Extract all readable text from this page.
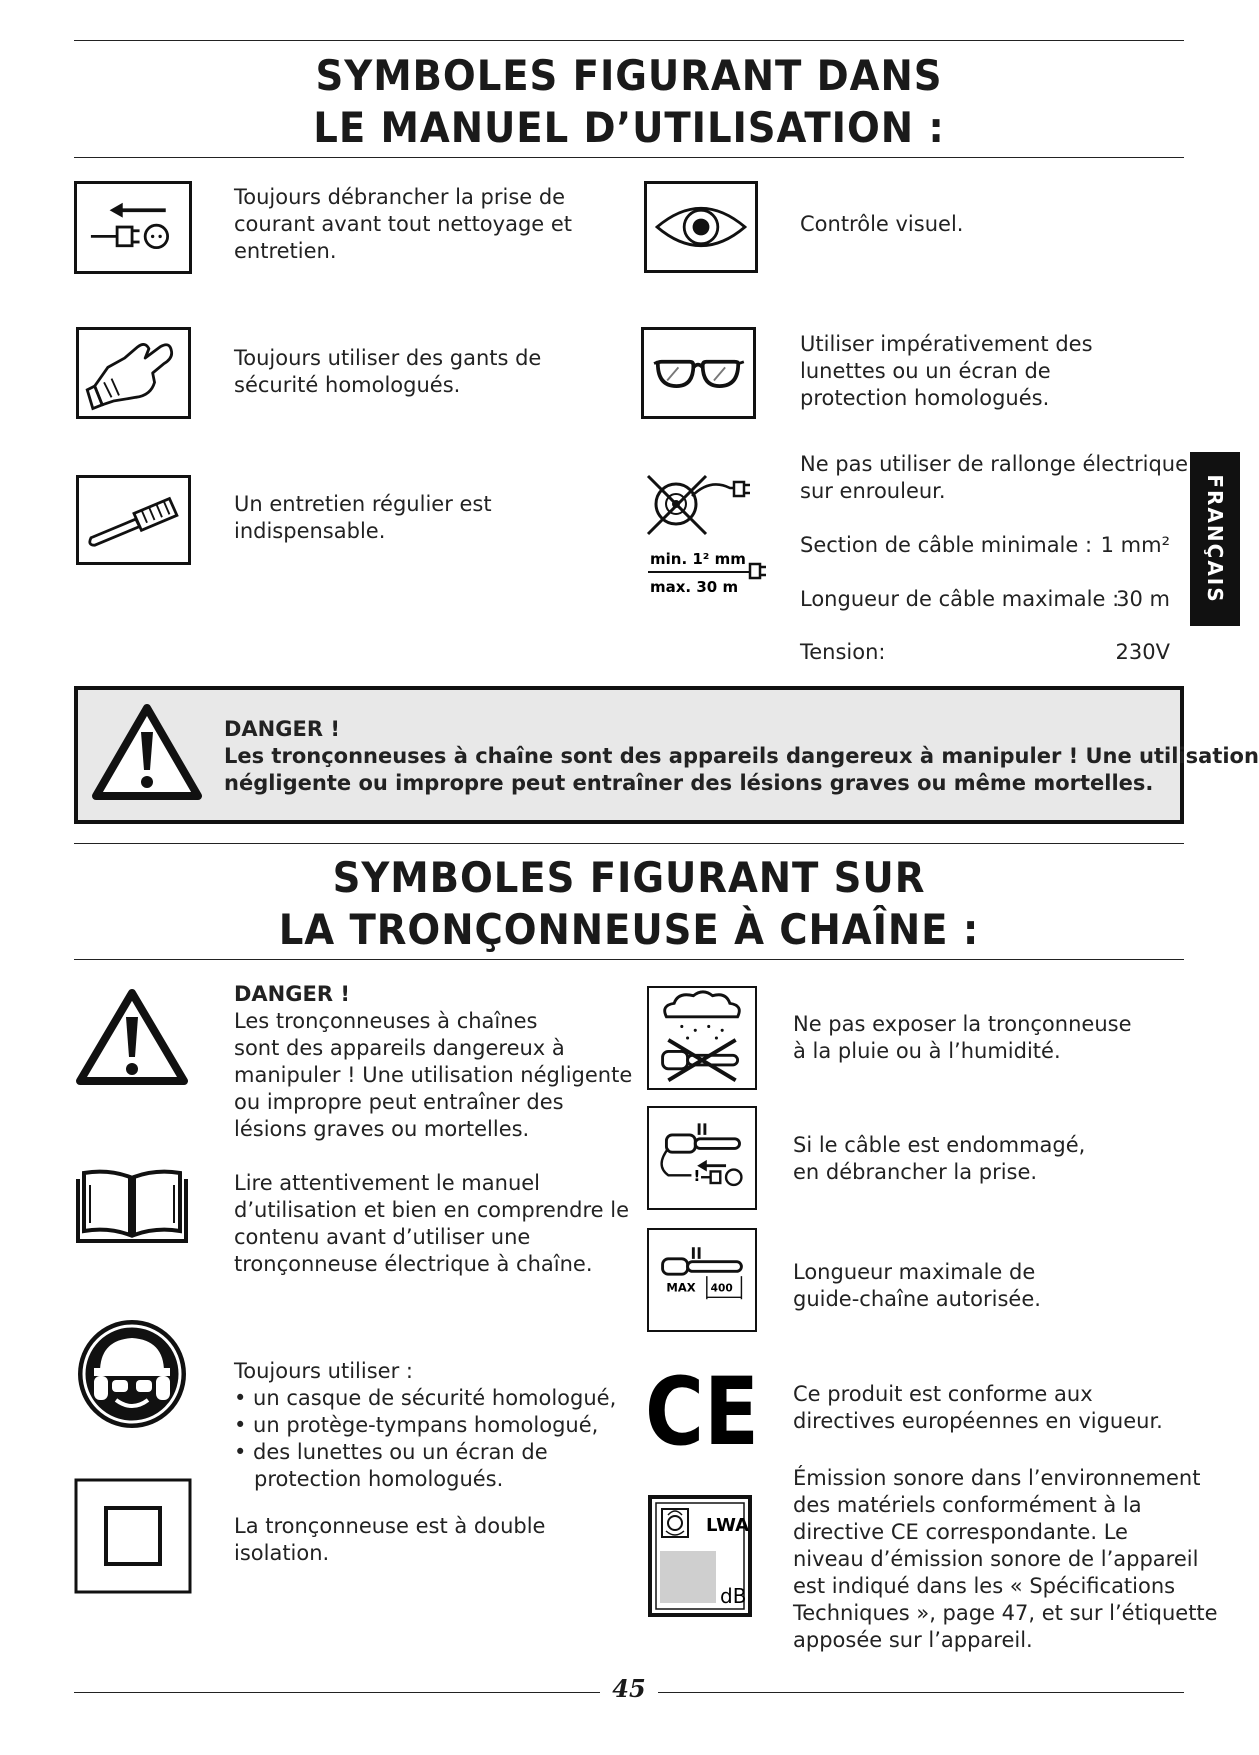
SYMBOLES FIGURANT DANS
LE MANUEL D’UTILISATION :
Toujours débrancher la prise de
courant avant tout nettoyage et
entretien.
Contrôle visuel.
Toujours utiliser des gants de
sécurité homologués.
Utiliser impérativement des
lunettes ou un écran de
protection homologués.
Un entretien régulier est
indispensable.
min. 1² mm
max. 30 m
Ne pas utiliser de rallonge électrique
sur enrouleur.
Section de câble minimale : 1 mm²
Longueur de câble maximale :
30 m
Tension:	230V
FRANÇAIS
DANGER !
Les tronçonneuses à chaîne sont des appareils dangereux à manipuler ! Une utilisation
négligente ou impropre peut entraîner des lésions graves ou même mortelles.
SYMBOLES FIGURANT SUR
LA TRONÇONNEUSE À CHAÎNE :
DANGER !
Les tronçonneuses à chaînes
sont des appareils dangereux à
manipuler ! Une utilisation négligente
ou impropre peut entraîner des
lésions graves ou mortelles.
Lire attentivement le manuel
d’utilisation et bien en comprendre le
contenu avant d’utiliser une
tronçonneuse électrique à chaîne.

Toujours utiliser :
• un casque de sécurité homologué,
• un protège-tympans homologué,
• des lunettes ou un écran de
protection homologués.

La tronçonneuse est à double
isolation.
Ne pas exposer la tronçonneuse
à la pluie ou à l’humidité.
!
Si le câble est endommagé,
en débrancher la prise.
MAX 400
Longueur maximale de
guide-chaîne autorisée.
CE Ce produit est conforme aux
directives européennes en vigueur.
LWA
dB
Émission sonore dans l’environnement
des matériels conformément à la
directive CE correspondante. Le
niveau d’émission sonore de l’appareil
est indiqué dans les « Spécifications
Techniques », page 47, et sur l’étiquette
apposée sur l’appareil.
45
